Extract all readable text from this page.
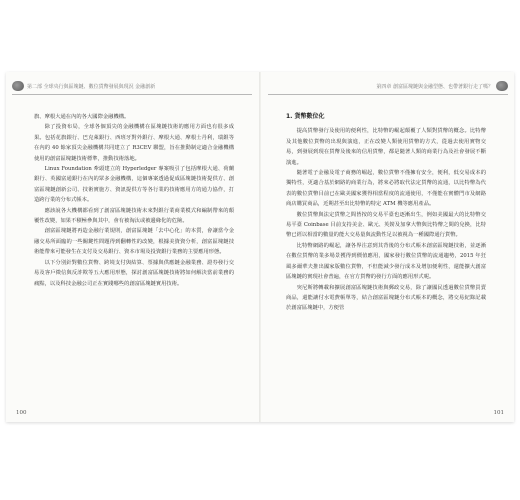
第二部 全球央行與區塊鏈、數位貨幣發展與現況 金融創新

旗、摩根大通在內的各大國際金融機構。

除了投資布局，全球各個頂尖的金融機構在區塊鏈技術的應用方面也有很多成果。包括花旗銀行、巴克萊銀行、西班牙對外銀行、摩根大通、摩根士丹利，瑞銀等在內的 40 餘家頂尖金融機構共同建立了 R3CEV 聯盟，旨在推動制定適合金融機構使用的創富區塊鏈技術標準，推動技術落地。

Linux Foundation 牽頭建立的 Hyperledger 專案吸引了包括摩根大通、荷蘭銀行、英國富通銀行在內的眾多金融機構，這個專案透過促成區塊鏈技術提供方、創富區塊鏈創新公司、技術實施方、資訊提供方等各行業的技術應用方的通力協作，打造跨行業的分布式帳本。

應該說各大機構都看到了創富區塊鏈技術未來對銀行業商業模式和編制帶來的顛覆性改變，如果不積極參與其中，會有被淘汰或被邊緣化的危險。

創富區塊鏈將再造金融行業規則，創富區塊鏈「去中心化」的本質，會讓當今金融交易所面臨的一些關鍵性問題得到翻轉性的改變，根據美資資分析，創富區塊鏈技術能帶來可能發生在支付及交易銀行、資本市場及投資銀行業務的主要應用形態。

以下分別針對數位貨幣、跨境支付與結算、票據與供應鏈金融業務、證券發行交易及客戶徵信與反詐欺等五大應用形態，探討創富區塊鏈技術將如何解決當前業務的痛點，以及科技金融公司正在實踐哪些的創富區塊鏈實用技術。

100
第四章 創富區塊鏈與金融型態、也帶著銀行走了嗎？

1. 貨幣數位化

提高貨幣發行及使用的便利性，比特幣的崛起顛覆了人類對貨幣的概念。比特幣及其他數位貨幣的出現與演進，正在改變人類使用貨幣的方式，從過去使用實物交易，到發展到現在貨幣及後來的信用貨幣，都是隨著人類的商業行為及社會發展不斷演進。

隨著電子金融及電子商務的崛起，數位貨幣不僅擁有安全，便利，低交易成本的獨特性，更適合基於網路的商業行為，將來必將取代法定貨幣的流通，以比特幣為代表的數位貨幣目前已在歐美國家獲得相當程度的流通使用，不僅能在實體門市及網路商店購買商品，近期甚至出比特幣的特定 ATM 機等應用產品。

數位貨幣與法定貨幣之間皆按的交易平臺也逐漸出生，例如美國最大的比特幣交易平臺 Coinbase 目前支持美金、歐元、英鎊及加拿大幣與比特幣之間的兌換，比特幣已經以相當的數量的能大交易量與流動性足以被視為一種國際通行貨幣。

比特幣網路的崛起，讓各界注意到其背後的分布式帳本創富區塊鏈技術，並逐漸在數位貨幣的業多場景獲得到價值應用，國家發行數位貨幣的流通趨勢，2015 年狂風多爾華夫推出國家版數位貨幣，不但能減少發行成本及增加便利性，還能擴大創富區塊鏈的實現社會普遍，在官方貨幣的發行方面的應用形式呢。

突尼斯將轉載和擴展創富區塊鏈技術與郵政交易，除了讓國民透過數位貨幣買賣商品，還能讓付水電費帳單等，結合創富區塊鏈分布式帳本的概念，將交易紀錄記載於創富區塊鏈中，方便管

101
